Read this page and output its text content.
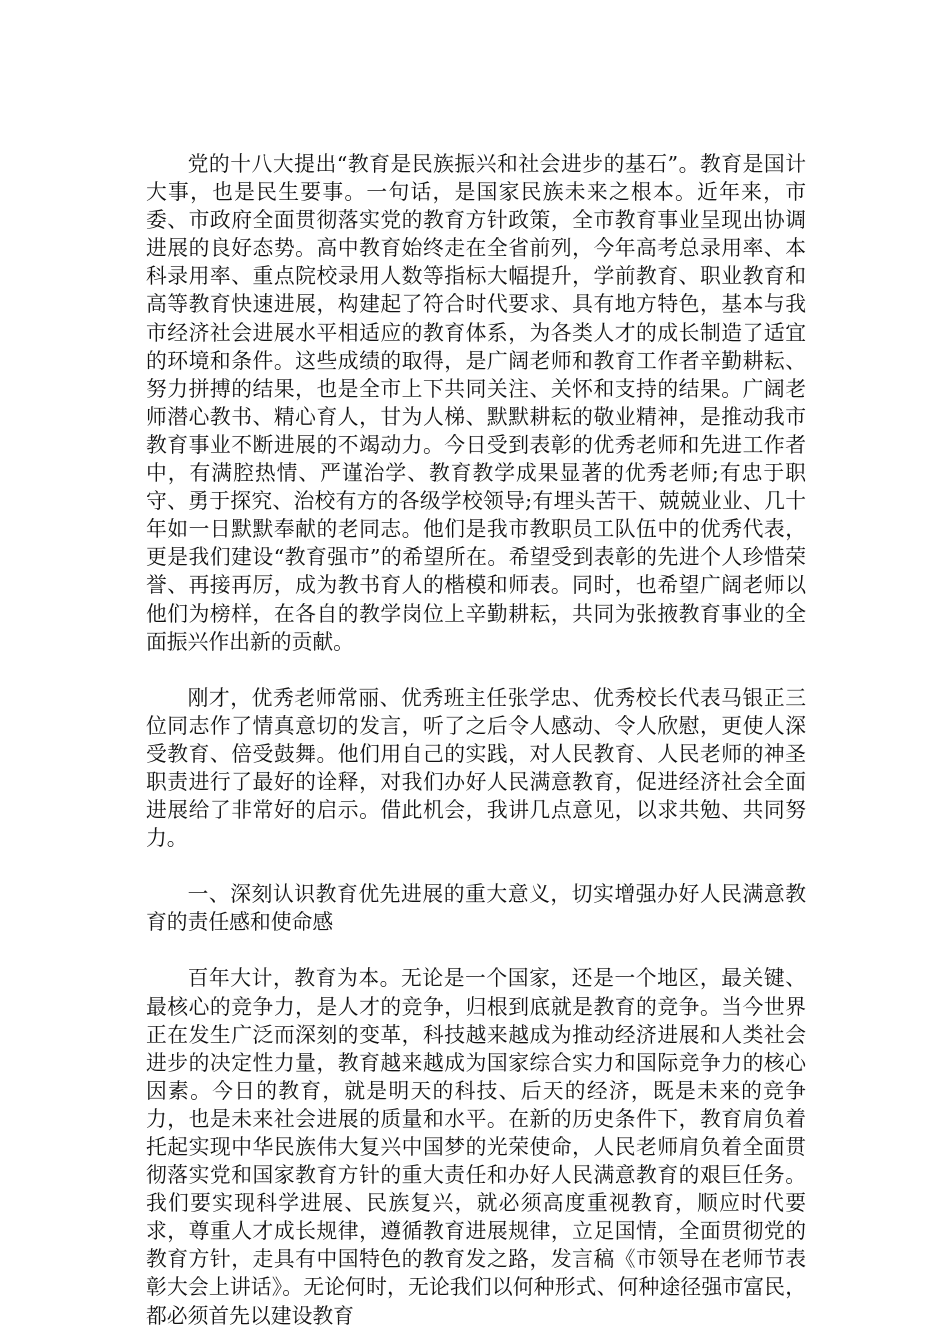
党的十八大提出“教育是民族振兴和社会进步的基石”。教育是国计大事，也是民生要事。一句话，是国家民族未来之根本。近年来，市委、市政府全面贯彻落实党的教育方针政策，全市教育事业呈现出协调进展的良好态势。高中教育始终走在全省前列，今年高考总录用率、本科录用率、重点院校录用人数等指标大幅提升，学前教育、职业教育和高等教育快速进展，构建起了符合时代要求、具有地方特色，基本与我市经济社会进展水平相适应的教育体系，为各类人才的成长制造了适宜的环境和条件。这些成绩的取得，是广阔老师和教育工作者辛勤耕耘、努力拼搏的结果，也是全市上下共同关注、关怀和支持的结果。广阔老师潜心教书、精心育人，甘为人梯、默默耕耘的敬业精神，是推动我市教育事业不断进展的不竭动力。今日受到表彰的优秀老师和先进工作者中，有满腔热情、严谨治学、教育教学成果显著的优秀老师;有忠于职守、勇于探究、治校有方的各级学校领导;有埋头苦干、兢兢业业、几十年如一日默默奉献的老同志。他们是我市教职员工队伍中的优秀代表，更是我们建设“教育强市”的希望所在。希望受到表彰的先进个人珍惜荣誉、再接再厉，成为教书育人的楷模和师表。同时，也希望广阔老师以他们为榜样，在各自的教学岗位上辛勤耕耘，共同为张掖教育事业的全面振兴作出新的贡献。

刚才，优秀老师常丽、优秀班主任张学忠、优秀校长代表马银正三位同志作了情真意切的发言，听了之后令人感动、令人欣慰，更使人深受教育、倍受鼓舞。他们用自己的实践，对人民教育、人民老师的神圣职责进行了最好的诠释，对我们办好人民满意教育，促进经济社会全面进展给了非常好的启示。借此机会，我讲几点意见，以求共勉、共同努力。

一、深刻认识教育优先进展的重大意义，切实增强办好人民满意教育的责任感和使命感

百年大计，教育为本。无论是一个国家，还是一个地区，最关键、最核心的竞争力，是人才的竞争，归根到底就是教育的竞争。当今世界正在发生广泛而深刻的变革，科技越来越成为推动经济进展和人类社会进步的决定性力量，教育越来越成为国家综合实力和国际竞争力的核心因素。今日的教育，就是明天的科技、后天的经济，既是未来的竞争力，也是未来社会进展的质量和水平。在新的历史条件下，教育肩负着托起实现中华民族伟大复兴中国梦的光荣使命，人民老师肩负着全面贯彻落实党和国家教育方针的重大责任和办好人民满意教育的艰巨任务。我们要实现科学进展、民族复兴，就必须高度重视教育，顺应时代要求，尊重人才成长规律，遵循教育进展规律，立足国情，全面贯彻党的教育方针，走具有中国特色的教育发之路，发言稿《市领导在老师节表彰大会上讲话》。无论何时，无论我们以何种形式、何种途径强市富民，都必须首先以建设教育
